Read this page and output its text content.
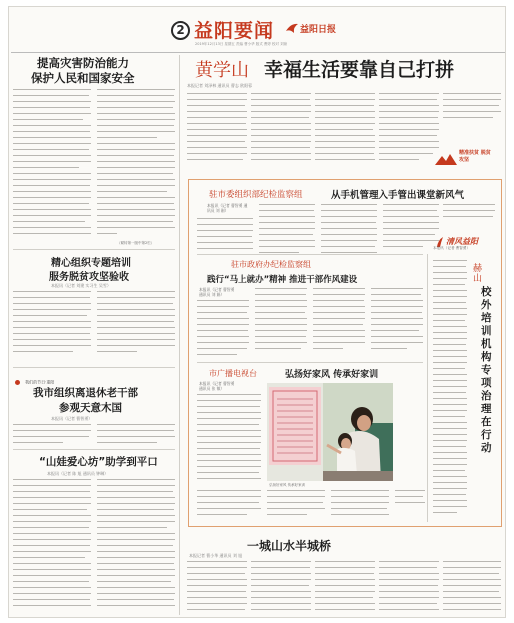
2 益阳要闻	益阳日报
2019年12月13日 星期五 责编 曹小华 版式 曹婷 校对 刘琼
提高灾害防治能力
保护人民和国家安全
（紧转第一版中第2栏）
精心组织专题培训
服务脱贫攻坚验收
本报讯（记者 刘建 实习生 吴雪）
我们的节日·重阳
我市组织离退休老干部
参观天意木国
本报讯（记者 曹智勇）
“山娃爱心坊”助学到平口
本报讯（记者 陈 旭 通讯员 钟琳）
黄学山 幸福生活要靠自己打拼
本报记者 刘泽林 通讯员 曹志 欧阳蓉
精准扶贫 脱贫攻坚
驻市委组织部纪检监察组	从手机管理入手管出课堂新风气
本报讯（记者 曹智勇 通讯员 刘 刚）
清风益阳
驻市政府办纪检监察组
践行“马上就办”精神 推进干部作风建设
本报讯（记者 曹智勇 通讯员 刘 娟）
市广播电视台	弘扬好家风 传承好家训
本报讯（记者 曹智勇 通讯员 张 敏）
弘扬好家风 传承好家训
本报讯（记者 曹智勇）
赫山
校外培训机构专项治理在行动
一城山水半城桥
本报记者 曹小华 通讯员 刘 旭
